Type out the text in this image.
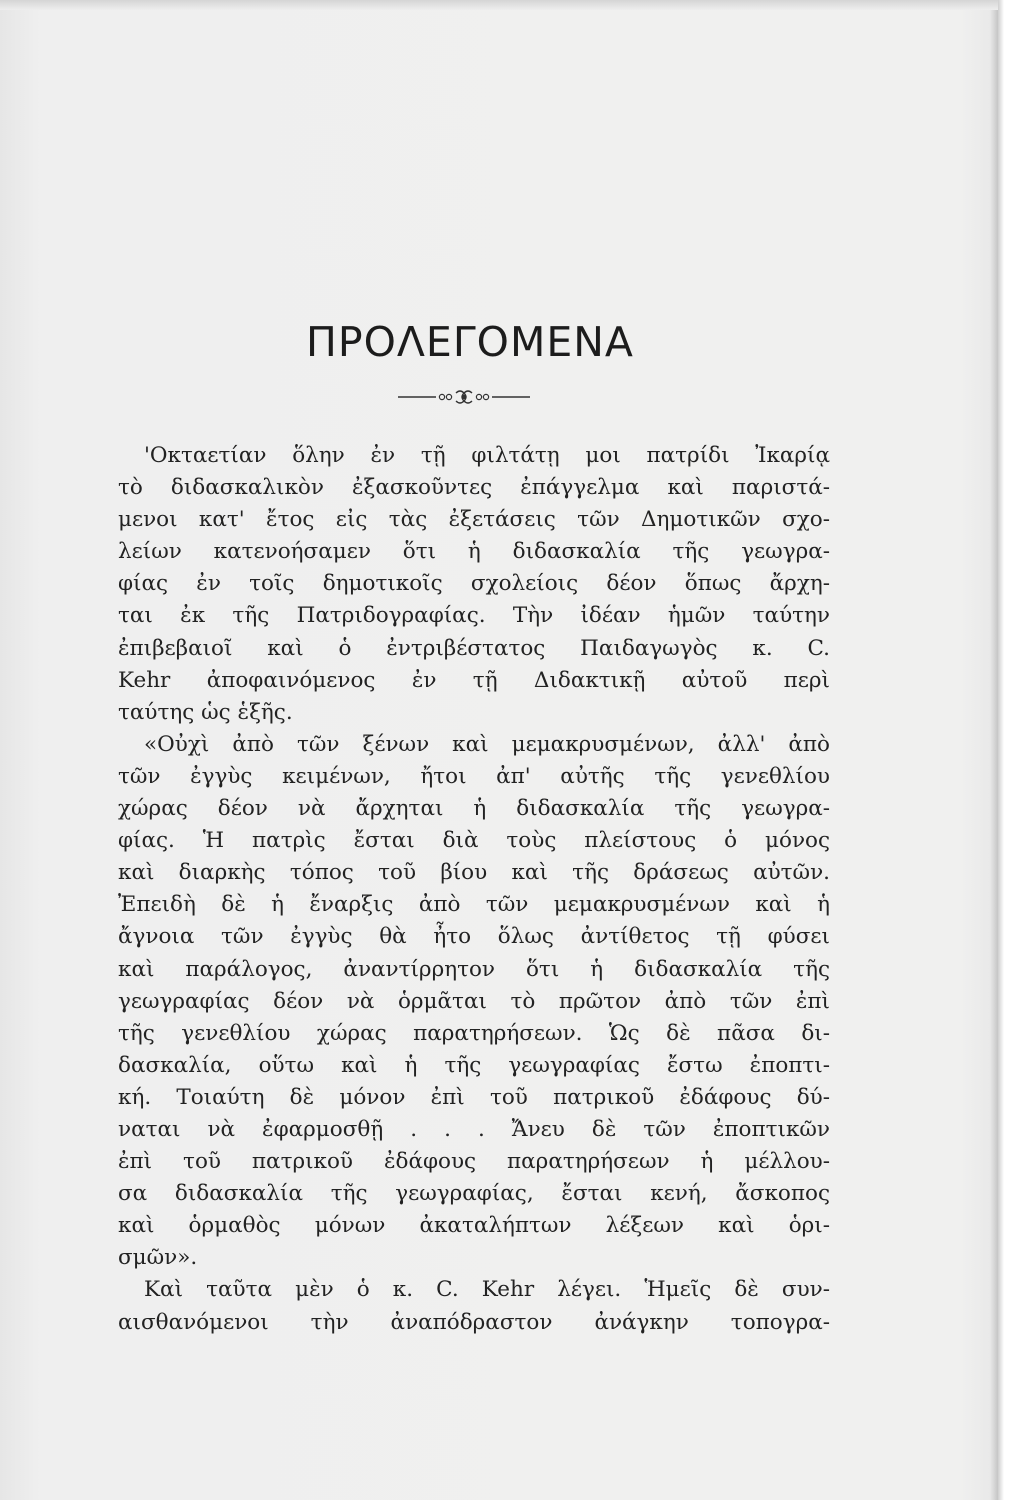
ΠΡΟΛΕΓΟΜΕΝΑ
'Οκταετίαν ὅλην ἐν τῇ φιλτάτῃ μοι πατρίδι Ἰκαρίᾳ
τὸ διδασκαλικὸν ἐξασκοῦντες ἐπάγγελμα καὶ παριστά-
μενοι κατ' ἔτος εἰς τὰς ἐξετάσεις τῶν Δημοτικῶν σχο-
λείων κατενοήσαμεν ὅτι ἡ διδασκαλία τῆς γεωγρα-
φίας ἐν τοῖς δημοτικοῖς σχολείοις δέον ὅπως ἄρχη-
ται ἐκ τῆς Πατριδογραφίας. Τὴν ἰδέαν ἡμῶν ταύτην
ἐπιβεβαιοῖ καὶ ὁ ἐντριβέστατος Παιδαγωγὸς κ. C.
Kehr ἀποφαινόμενος ἐν τῇ Διδακτικῇ αὐτοῦ περὶ
ταύτης ὡς ἑξῆς.
«Οὐχὶ ἀπὸ τῶν ξένων καὶ μεμακρυσμένων, ἀλλ' ἀπὸ
τῶν ἐγγὺς κειμένων, ἤτοι ἀπ' αὐτῆς τῆς γενεθλίου
χώρας δέον νὰ ἄρχηται ἡ διδασκαλία τῆς γεωγρα-
φίας. Ἡ πατρὶς ἔσται διὰ τοὺς πλείστους ὁ μόνος
καὶ διαρκὴς τόπος τοῦ βίου καὶ τῆς δράσεως αὐτῶν.
Ἐπειδὴ δὲ ἡ ἔναρξις ἀπὸ τῶν μεμακρυσμένων καὶ ἡ
ἄγνοια τῶν ἐγγὺς θὰ ἦτο ὅλως ἀντίθετος τῇ φύσει
καὶ παράλογος, ἀναντίρρητον ὅτι ἡ διδασκαλία τῆς
γεωγραφίας δέον νὰ ὁρμᾶται τὸ πρῶτον ἀπὸ τῶν ἐπὶ
τῆς γενεθλίου χώρας παρατηρήσεων. Ὡς δὲ πᾶσα δι-
δασκαλία, οὕτω καὶ ἡ τῆς γεωγραφίας ἔστω ἐποπτι-
κή. Τοιαύτη δὲ μόνον ἐπὶ τοῦ πατρικοῦ ἐδάφους δύ-
ναται νὰ ἐφαρμοσθῇ . . . Ἄνευ δὲ τῶν ἐποπτικῶν
ἐπὶ τοῦ πατρικοῦ ἐδάφους παρατηρήσεων ἡ μέλλου-
σα διδασκαλία τῆς γεωγραφίας, ἔσται κενή, ἄσκοπος
καὶ ὁρμαθὸς μόνων ἀκαταλήπτων λέξεων καὶ ὁρι-
σμῶν».
Καὶ ταῦτα μὲν ὁ κ. C. Kehr λέγει. Ἡμεῖς δὲ συν-
αισθανόμενοι τὴν ἀναπόδραστον ἀνάγκην τοπογρα-
